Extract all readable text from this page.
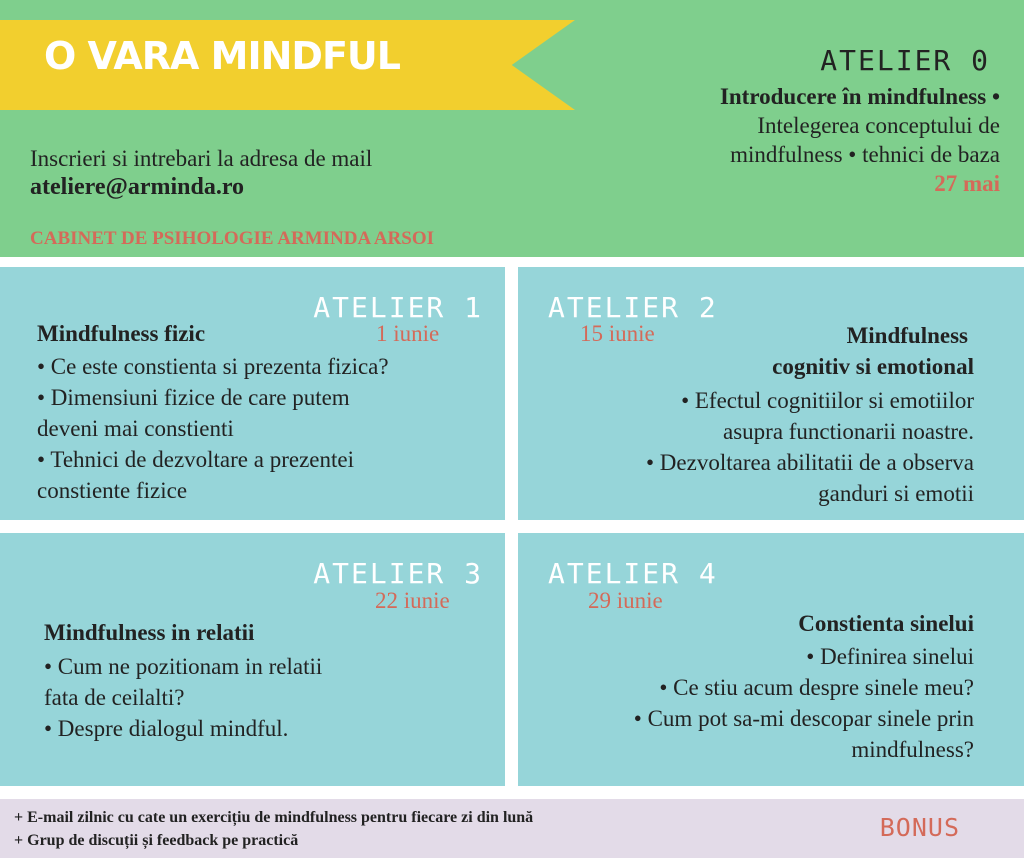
O VARA MINDFUL
Inscrieri si intrebari la adresa de mail
ateliere@arminda.ro
CABINET DE PSIHOLOGIE ARMINDA ARSOI
ATELIER 0
Introducere în mindfulness •
Intelegerea conceptului de
mindfulness • tehnici de baza
27 mai
ATELIER 1
Mindfulness fizic	1 iunie
• Ce este constienta si prezenta fizica?
• Dimensiuni fizice de care putem
deveni mai constienti
• Tehnici de dezvoltare a prezentei
constiente fizice
ATELIER 2
15 iunie	Mindfulness
cognitiv si emotional
• Efectul cognitiilor si emotiilor
asupra functionarii noastre.
• Dezvoltarea abilitatii de a observa
ganduri si emotii
ATELIER 3
22 iunie
Mindfulness in relatii
• Cum ne pozitionam in relatii
fata de ceilalti?
• Despre dialogul mindful.
ATELIER 4
29 iunie
Constienta sinelui
• Definirea sinelui
• Ce stiu acum despre sinele meu?
• Cum pot sa-mi descopar sinele prin
mindfulness?
+ E-mail zilnic cu cate un exercițiu de mindfulness pentru fiecare zi din lună
+ Grup de discuții și feedback pe practică	BONUS
